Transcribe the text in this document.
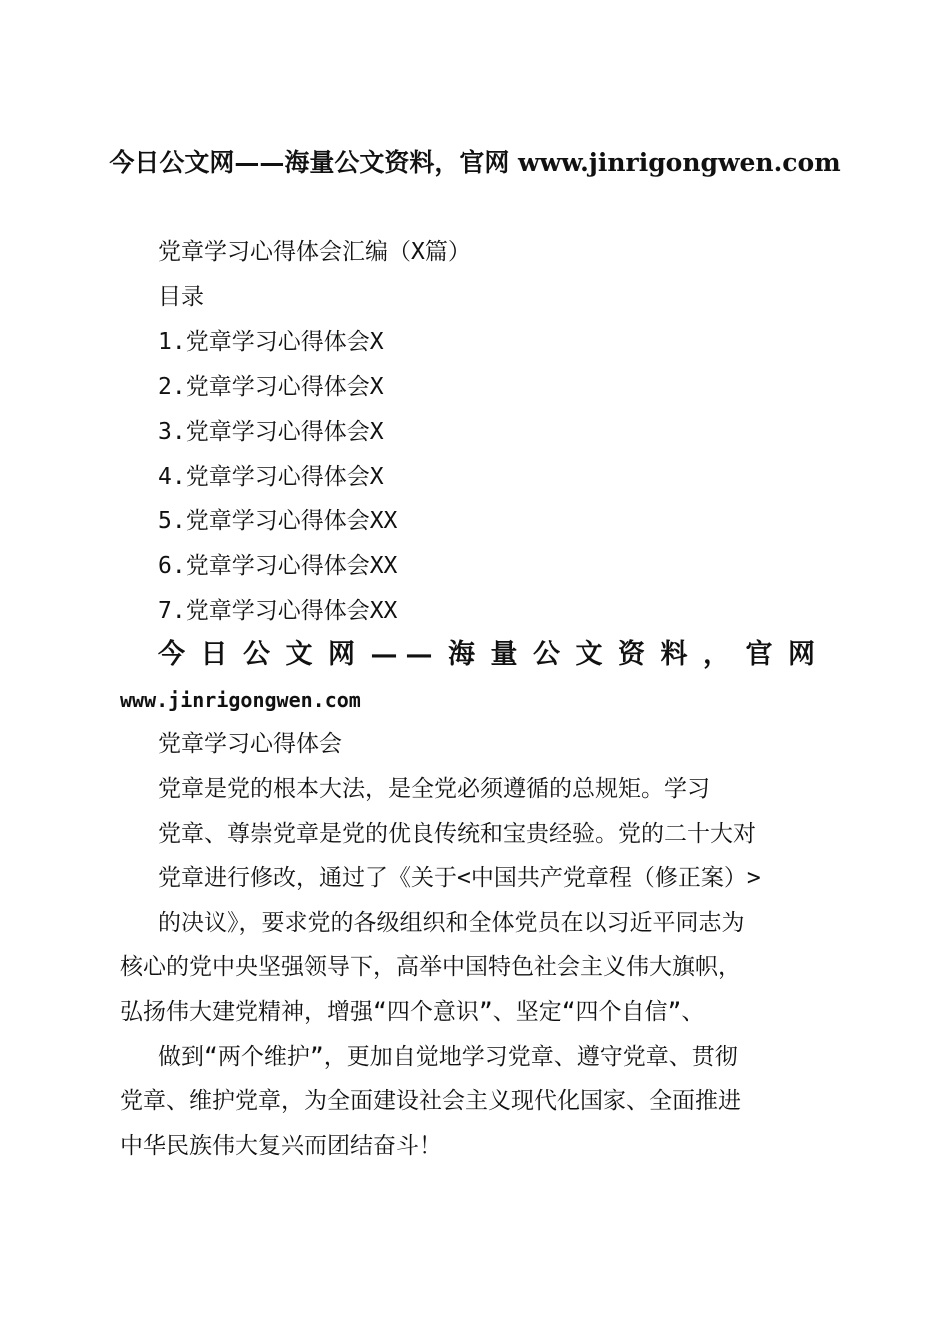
今日公文网——海量公文资料，官网 www.jinrigongwen.com
党章学习心得体会汇编（X篇）
目录
1.党章学习心得体会X
2.党章学习心得体会X
3.党章学习心得体会X
4.党章学习心得体会X
5.党章学习心得体会XX
6.党章学习心得体会XX
7.党章学习心得体会XX
今日公文网——海量公文资料，官网
www.jinrigongwen.com
党章学习心得体会
党章是党的根本大法，是全党必须遵循的总规矩。学习
党章、尊崇党章是党的优良传统和宝贵经验。党的二十大对
党章进行修改，通过了《关于<中国共产党章程（修正案）>
的决议》，要求党的各级组织和全体党员在以习近平同志为
核心的党中央坚强领导下，高举中国特色社会主义伟大旗帜，
弘扬伟大建党精神，增强“四个意识”、坚定“四个自信”、
做到“两个维护”，更加自觉地学习党章、遵守党章、贯彻
党章、维护党章，为全面建设社会主义现代化国家、全面推进
中华民族伟大复兴而团结奋斗！
